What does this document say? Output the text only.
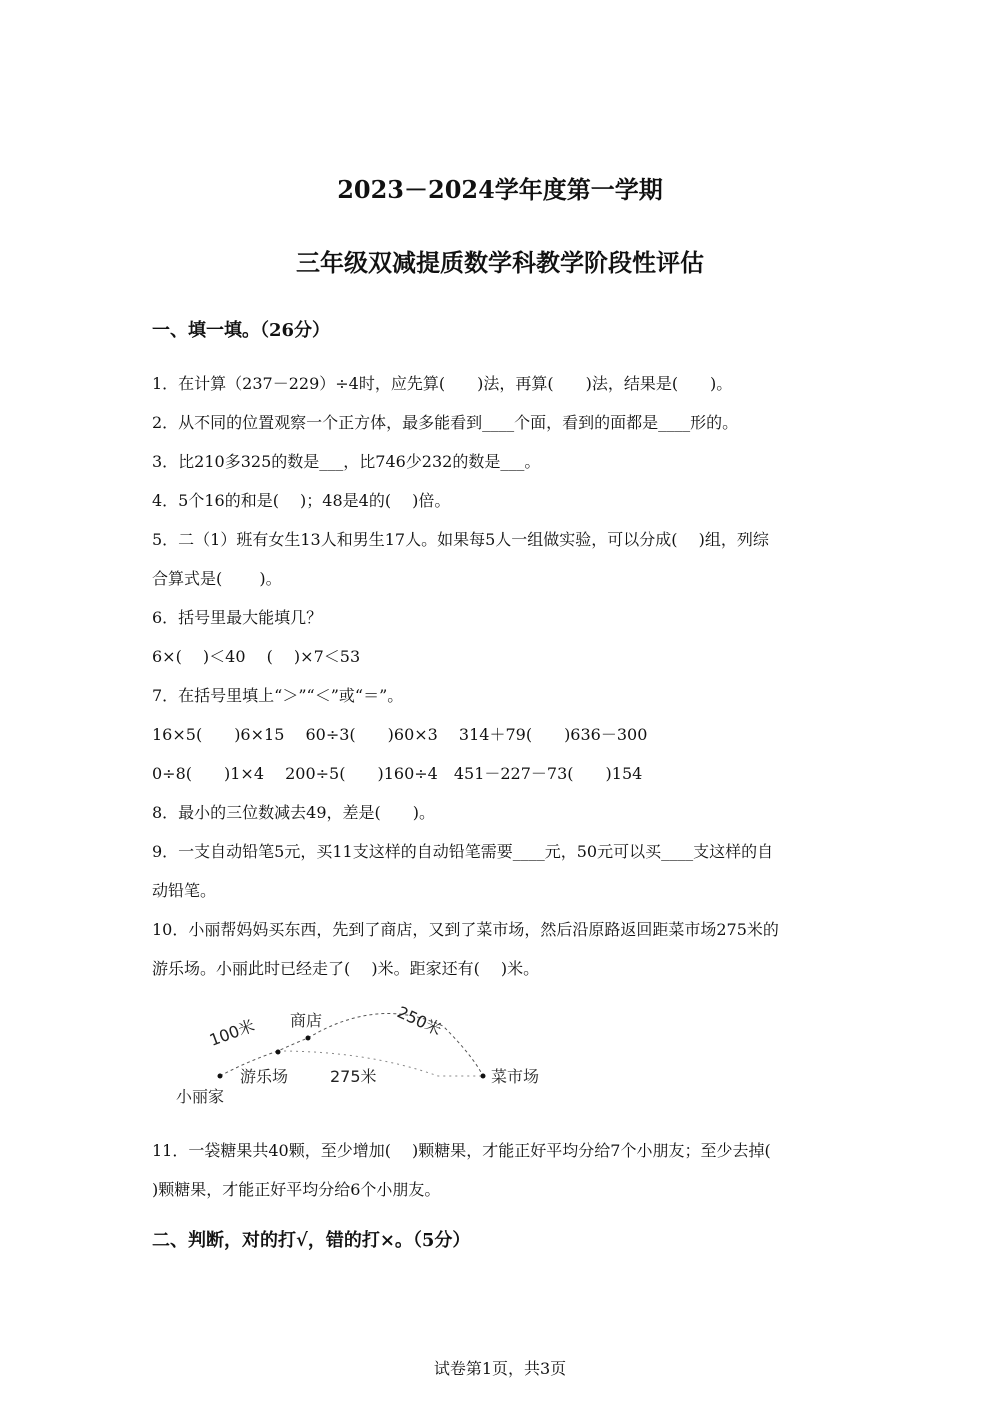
2023－2024学年度第一学期
三年级双减提质数学科教学阶段性评估
一、填一填。（26分）
1．在计算（237－229）÷4时，应先算(　　)法，再算(　　)法，结果是(　　)。
2．从不同的位置观察一个正方体，最多能看到____个面，看到的面都是____形的。
3．比210多325的数是___，比746少232的数是___。
4．5个16的和是(　 )；48是4的(　 )倍。
5．二（1）班有女生13人和男生17人。如果每5人一组做实验，可以分成(　 )组，列综
合算式是(　　 )。
6．括号里最大能填几？
6×(　 )＜40　 (　 )×7＜53
7．在括号里填上“＞”“＜”或“＝”。
16×5(　　)6×15　 60÷3(　　)60×3　 314＋79(　　)636－300
0÷8(　　)1×4　 200÷5(　　)160÷4　451－227－73(　　)154
8．最小的三位数减去49，差是(　　)。
9．一支自动铅笔5元，买11支这样的自动铅笔需要____元，50元可以买____支这样的自
动铅笔。
10．小丽帮妈妈买东西，先到了商店，又到了菜市场，然后沿原路返回距菜市场275米的
游乐场。小丽此时已经走了(　 )米。距家还有(　 )米。
100米 商店	250米
游乐场	275米	菜市场
小丽家
11．一袋糖果共40颗，至少增加(　 )颗糖果，才能正好平均分给7个小朋友；至少去掉(
)颗糖果，才能正好平均分给6个小朋友。
二、判断，对的打√，错的打×。（5分）
试卷第1页，共3页
